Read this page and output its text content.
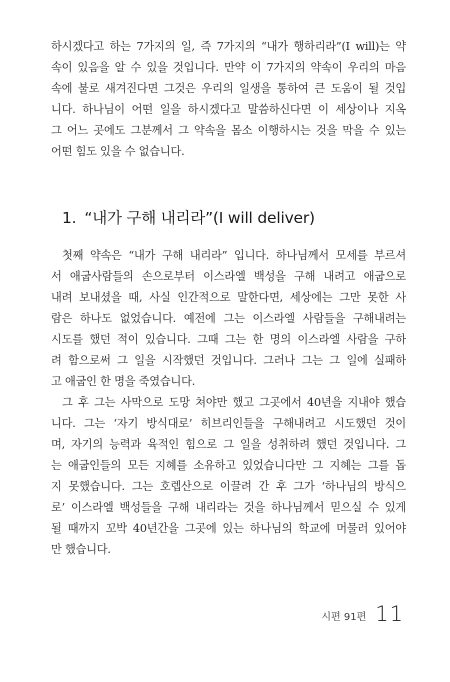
하시겠다고 하는 7가지의 일, 즉 7가지의 “내가 행하리라”(I will)는 약
속이 있음을 알 수 있을 것입니다. 만약 이 7가지의 약속이 우리의 마음
속에 불로 새겨진다면 그것은 우리의 일생을 통하여 큰 도움이 될 것입
니다. 하나님이 어떤 일을 하시겠다고 말씀하신다면 이 세상이나 지옥
그 어느 곳에도 그분께서 그 약속을 몸소 이행하시는 것을 막을 수 있는
어떤 힘도 있을 수 없습니다.
1. “내가 구해 내리라”(I will deliver)
첫째 약속은 “내가 구해 내리라” 입니다. 하나님께서 모세를 부르셔
서 애굽사람들의 손으로부터 이스라엘 백성을 구해 내려고 애굽으로
내려 보내셨을 때, 사실 인간적으로 말한다면, 세상에는 그만 못한 사
람은 하나도 없었습니다. 예전에 그는 이스라엘 사람들을 구해내려는
시도를 했던 적이 있습니다. 그때 그는 한 명의 이스라엘 사람을 구하
려 함으로써 그 일을 시작했던 것입니다. 그러나 그는 그 일에 실패하
고 애굽인 한 명을 죽였습니다.
그 후 그는 사막으로 도망 쳐야만 했고 그곳에서 40년을 지내야 했습
니다. 그는 ‘자기 방식대로’ 히브리인들을 구해내려고 시도했던 것이
며, 자기의 능력과 육적인 힘으로 그 일을 성취하려 했던 것입니다. 그
는 애굽인들의 모든 지혜를 소유하고 있었습니다만 그 지혜는 그를 돕
지 못했습니다. 그는 호렙산으로 이끌려 간 후 그가 ‘하나님의 방식으
로’ 이스라엘 백성들을 구해 내리라는 것을 하나님께서 믿으실 수 있게
될 때까지 꼬박 40년간을 그곳에 있는 하나님의 학교에 머물러 있어야
만 했습니다.
시편 91편 11
